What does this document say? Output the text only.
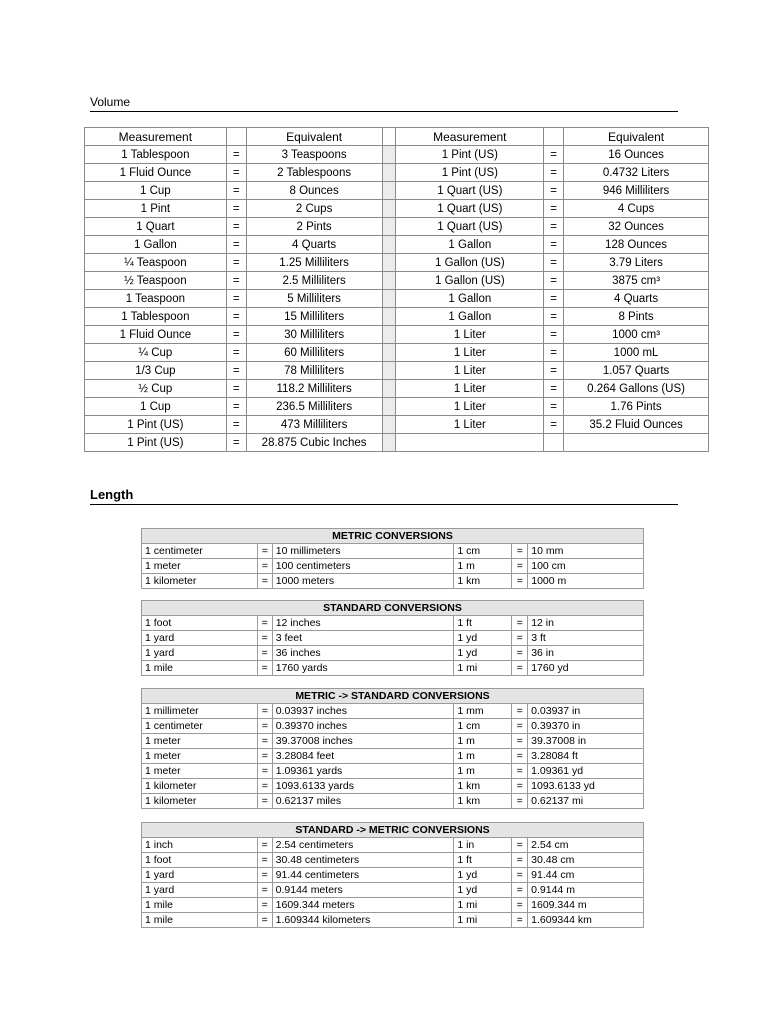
Volume
Measurement		Equivalent		Measurement		Equivalent
1 Tablespoon	=	3 Teaspoons		1 Pint (US)	=	16 Ounces
1 Fluid Ounce	=	2 Tablespoons		1 Pint (US)	=	0.4732 Liters
1 Cup	=	8 Ounces		1 Quart (US)	=	946 Milliliters
1 Pint	=	2 Cups		1 Quart (US)	=	4 Cups
1 Quart	=	2 Pints		1 Quart (US)	=	32 Ounces
1 Gallon	=	4 Quarts		1 Gallon	=	128 Ounces
¼ Teaspoon	=	1.25 Milliliters		1 Gallon (US)	=	3.79 Liters
½ Teaspoon	=	2.5 Milliliters		1 Gallon (US)	=	3875 cm³
1 Teaspoon	=	5 Milliliters		1 Gallon	=	4 Quarts
1 Tablespoon	=	15 Milliliters		1 Gallon	=	8 Pints
1 Fluid Ounce	=	30 Milliliters		1 Liter	=	1000 cm³
¼ Cup	=	60 Milliliters		1 Liter	=	1000 mL
1/3 Cup	=	78 Milliliters		1 Liter	=	1.057 Quarts
½ Cup	=	118.2 Milliliters		1 Liter	=	0.264 Gallons (US)
1 Cup	=	236.5 Milliliters		1 Liter	=	1.76 Pints
1 Pint (US)	=	473 Milliliters		1 Liter	=	35.2 Fluid Ounces
1 Pint (US)	=	28.875 Cubic Inches				
Length
METRIC CONVERSIONS					
1 centimeter	=	10 millimeters	1 cm	=	10 mm
1 meter	=	100 centimeters	1 m	=	100 cm
1 kilometer	=	1000 meters	1 km	=	1000 m
STANDARD CONVERSIONS					
1 foot	=	12 inches	1 ft	=	12 in
1 yard	=	3 feet	1 yd	=	3 ft
1 yard	=	36 inches	1 yd	=	36 in
1 mile	=	1760 yards	1 mi	=	1760 yd
METRIC -> STANDARD CONVERSIONS					
1 millimeter	=	0.03937 inches	1 mm	=	0.03937 in
1 centimeter	=	0.39370 inches	1 cm	=	0.39370 in
1 meter	=	39.37008 inches	1 m	=	39.37008 in
1 meter	=	3.28084 feet	1 m	=	3.28084 ft
1 meter	=	1.09361 yards	1 m	=	1.09361 yd
1 kilometer	=	1093.6133 yards	1 km	=	1093.6133 yd
1 kilometer	=	0.62137 miles	1 km	=	0.62137 mi
STANDARD -> METRIC CONVERSIONS					
1 inch	=	2.54 centimeters	1 in	=	2.54 cm
1 foot	=	30.48 centimeters	1 ft	=	30.48 cm
1 yard	=	91.44 centimeters	1 yd	=	91.44 cm
1 yard	=	0.9144 meters	1 yd	=	0.9144 m
1 mile	=	1609.344 meters	1 mi	=	1609.344 m
1 mile	=	1.609344 kilometers	1 mi	=	1.609344 km
